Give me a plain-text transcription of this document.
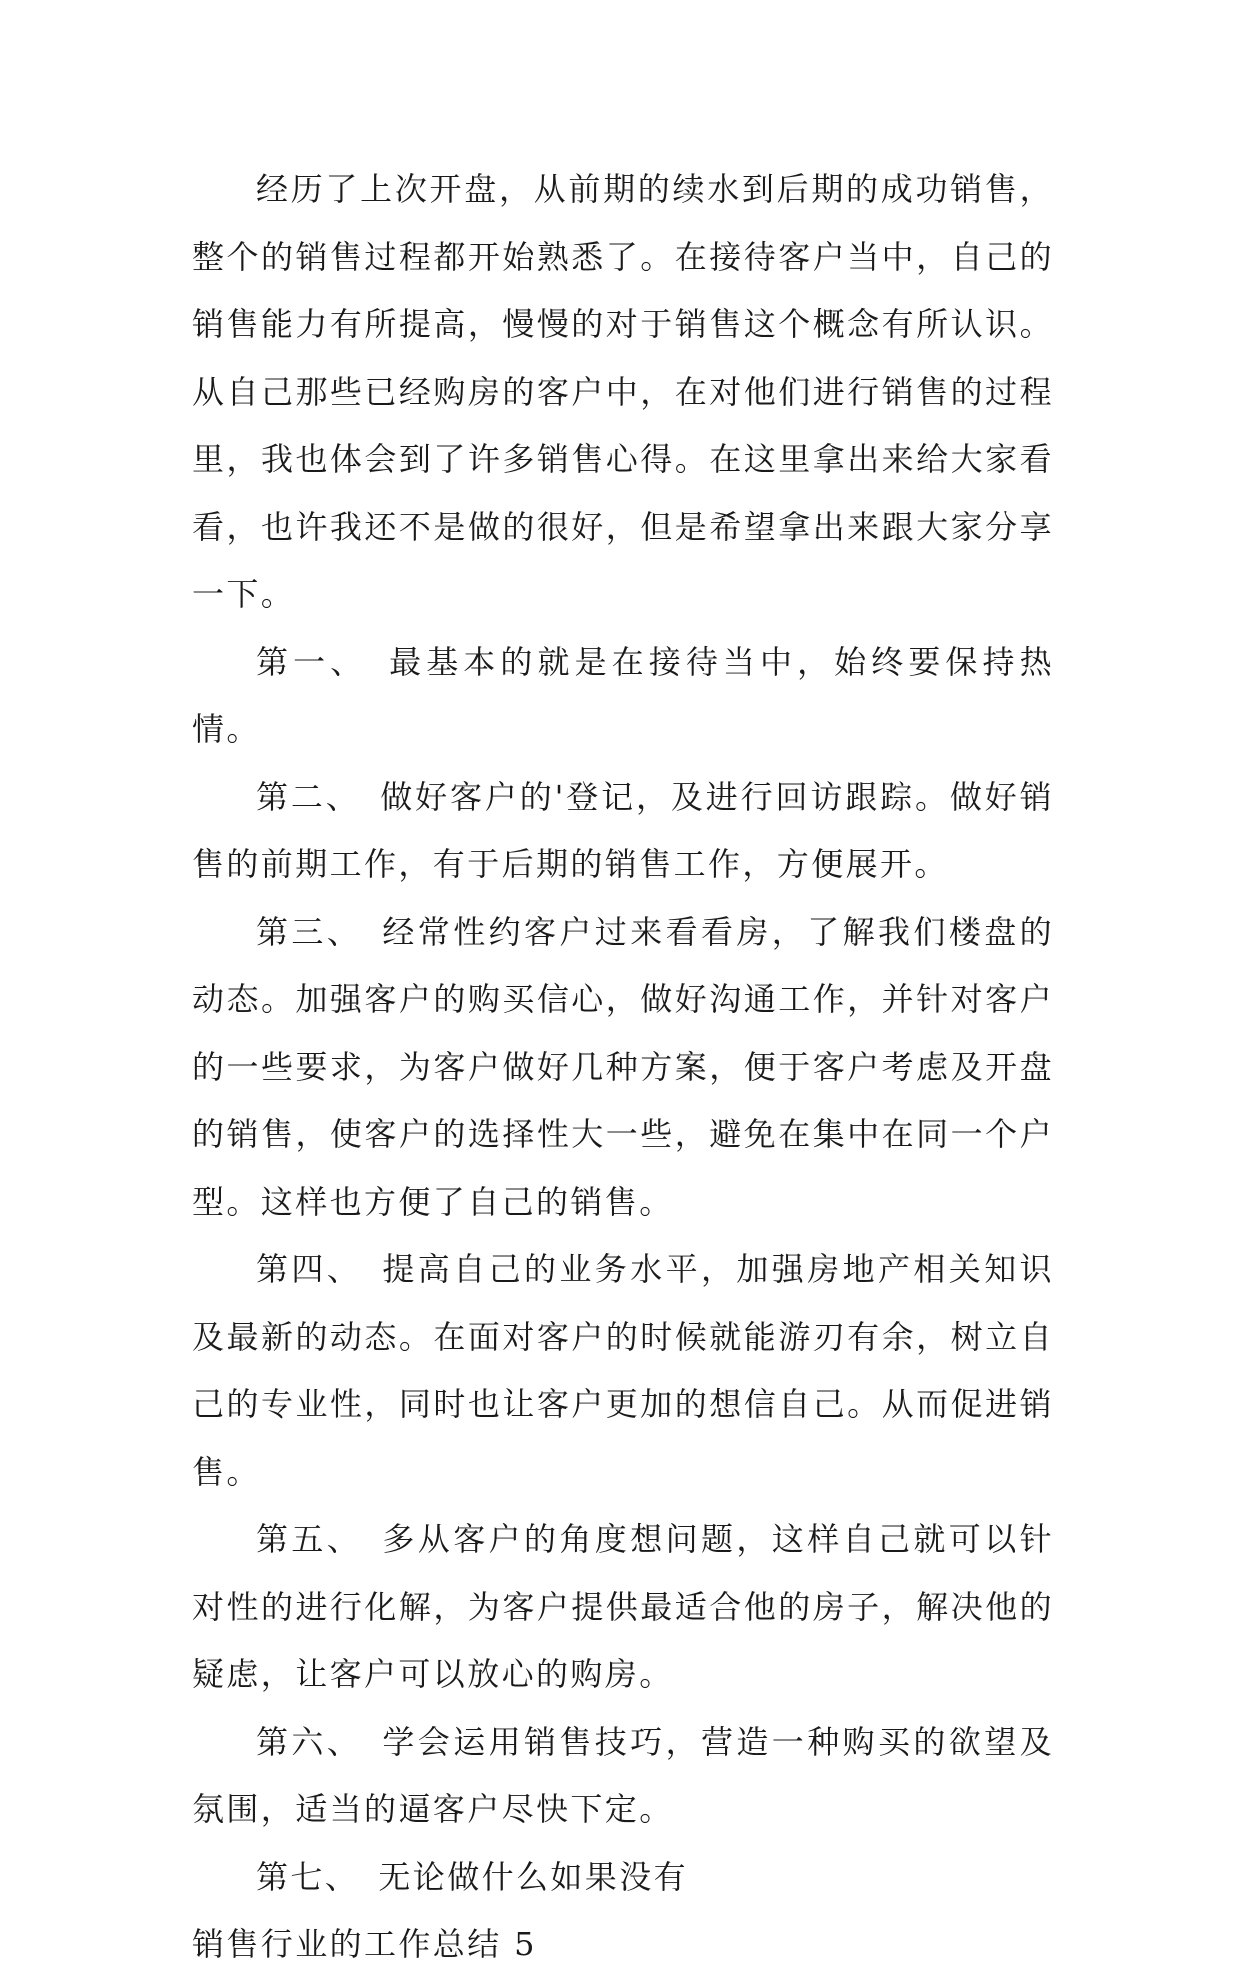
经历了上次开盘，从前期的续水到后期的成功销售，整个的销售过程都开始熟悉了。在接待客户当中，自己的销售能力有所提高，慢慢的对于销售这个概念有所认识。从自己那些已经购房的客户中，在对他们进行销售的过程里，我也体会到了许多销售心得。在这里拿出来给大家看看，也许我还不是做的很好，但是希望拿出来跟大家分享一下。

第一、 最基本的就是在接待当中，始终要保持热情。

第二、 做好客户的'登记，及进行回访跟踪。做好销售的前期工作，有于后期的销售工作，方便展开。

第三、 经常性约客户过来看看房，了解我们楼盘的动态。加强客户的购买信心，做好沟通工作，并针对客户的一些要求，为客户做好几种方案，便于客户考虑及开盘的销售，使客户的选择性大一些，避免在集中在同一个户型。这样也方便了自己的销售。

第四、 提高自己的业务水平，加强房地产相关知识及最新的动态。在面对客户的时候就能游刃有余，树立自己的专业性，同时也让客户更加的想信自己。从而促进销售。

第五、 多从客户的角度想问题，这样自己就可以针对性的进行化解，为客户提供最适合他的房子，解决他的疑虑，让客户可以放心的购房。

第六、 学会运用销售技巧，营造一种购买的欲望及氛围，适当的逼客户尽快下定。

第七、 无论做什么如果没有

销售行业的工作总结 5
